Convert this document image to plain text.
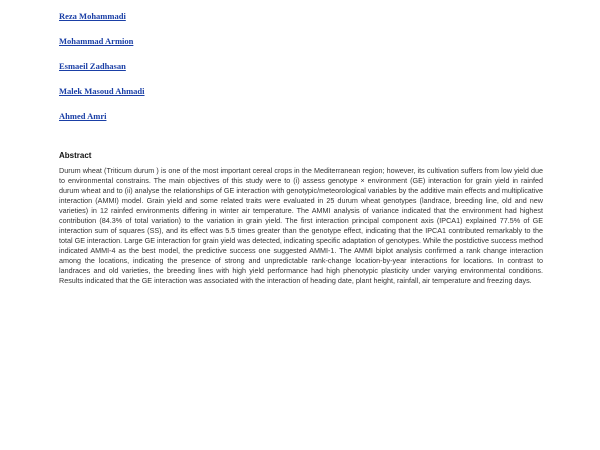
Reza Mohammadi
Mohammad Armion
Esmaeil Zadhasan
Malek Masoud Ahmadi
Ahmed Amri
Abstract

Durum wheat (Triticum durum ) is one of the most important cereal crops in the Mediterranean region; however, its cultivation suffers from low yield due to environmental constrains. The main objectives of this study were to (i) assess genotype × environment (GE) interaction for grain yield in rainfed durum wheat and to (ii) analyse the relationships of GE interaction with genotypic/meteorological variables by the additive main effects and multiplicative interaction (AMMI) model. Grain yield and some related traits were evaluated in 25 durum wheat genotypes (landrace, breeding line, old and new varieties) in 12 rainfed environments differing in winter air temperature. The AMMI analysis of variance indicated that the environment had highest contribution (84.3% of total variation) to the variation in grain yield. The first interaction principal component axis (IPCA1) explained 77.5% of GE interaction sum of squares (SS), and its effect was 5.5 times greater than the genotype effect, indicating that the IPCA1 contributed remarkably to the total GE interaction. Large GE interaction for grain yield was detected, indicating specific adaptation of genotypes. While the postdictive success method indicated AMMI-4 as the best model, the predictive success one suggested AMMI-1. The AMMI biplot analysis confirmed a rank change interaction among the locations, indicating the presence of strong and unpredictable rank-change location-by-year interactions for locations. In contrast to landraces and old varieties, the breeding lines with high yield performance had high phenotypic plasticity under varying environmental conditions. Results indicated that the GE interaction was associated with the interaction of heading date, plant height, rainfall, air temperature and freezing days.
